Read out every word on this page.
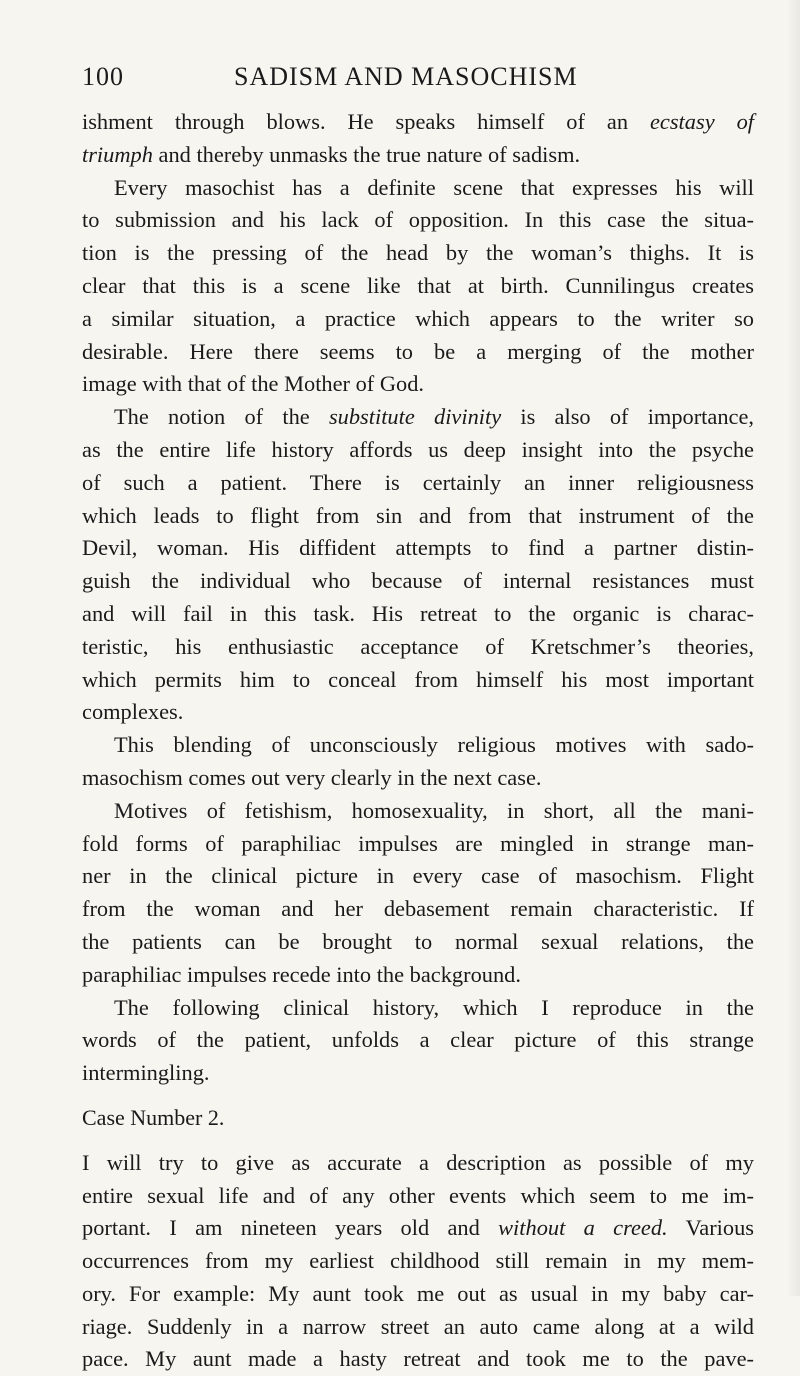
100	SADISM AND MASOCHISM
ishment through blows. He speaks himself of an ecstasy of
triumph and thereby unmasks the true nature of sadism.
Every masochist has a definite scene that expresses his will
to submission and his lack of opposition. In this case the situa-
tion is the pressing of the head by the woman’s thighs. It is
clear that this is a scene like that at birth. Cunnilingus creates
a similar situation, a practice which appears to the writer so
desirable. Here there seems to be a merging of the mother
image with that of the Mother of God.
The notion of the substitute divinity is also of importance,
as the entire life history affords us deep insight into the psyche
of such a patient. There is certainly an inner religiousness
which leads to flight from sin and from that instrument of the
Devil, woman. His diffident attempts to find a partner distin-
guish the individual who because of internal resistances must
and will fail in this task. His retreat to the organic is charac-
teristic, his enthusiastic acceptance of Kretschmer’s theories,
which permits him to conceal from himself his most important
complexes.
This blending of unconsciously religious motives with sado-
masochism comes out very clearly in the next case.
Motives of fetishism, homosexuality, in short, all the mani-
fold forms of paraphiliac impulses are mingled in strange man-
ner in the clinical picture in every case of masochism. Flight
from the woman and her debasement remain characteristic. If
the patients can be brought to normal sexual relations, the
paraphiliac impulses recede into the background.
The following clinical history, which I reproduce in the
words of the patient, unfolds a clear picture of this strange
intermingling.
Case Number 2.
I will try to give as accurate a description as possible of my
entire sexual life and of any other events which seem to me im-
portant. I am nineteen years old and without a creed. Various
occurrences from my earliest childhood still remain in my mem-
ory. For example: My aunt took me out as usual in my baby car-
riage. Suddenly in a narrow street an auto came along at a wild
pace. My aunt made a hasty retreat and took me to the pave-
